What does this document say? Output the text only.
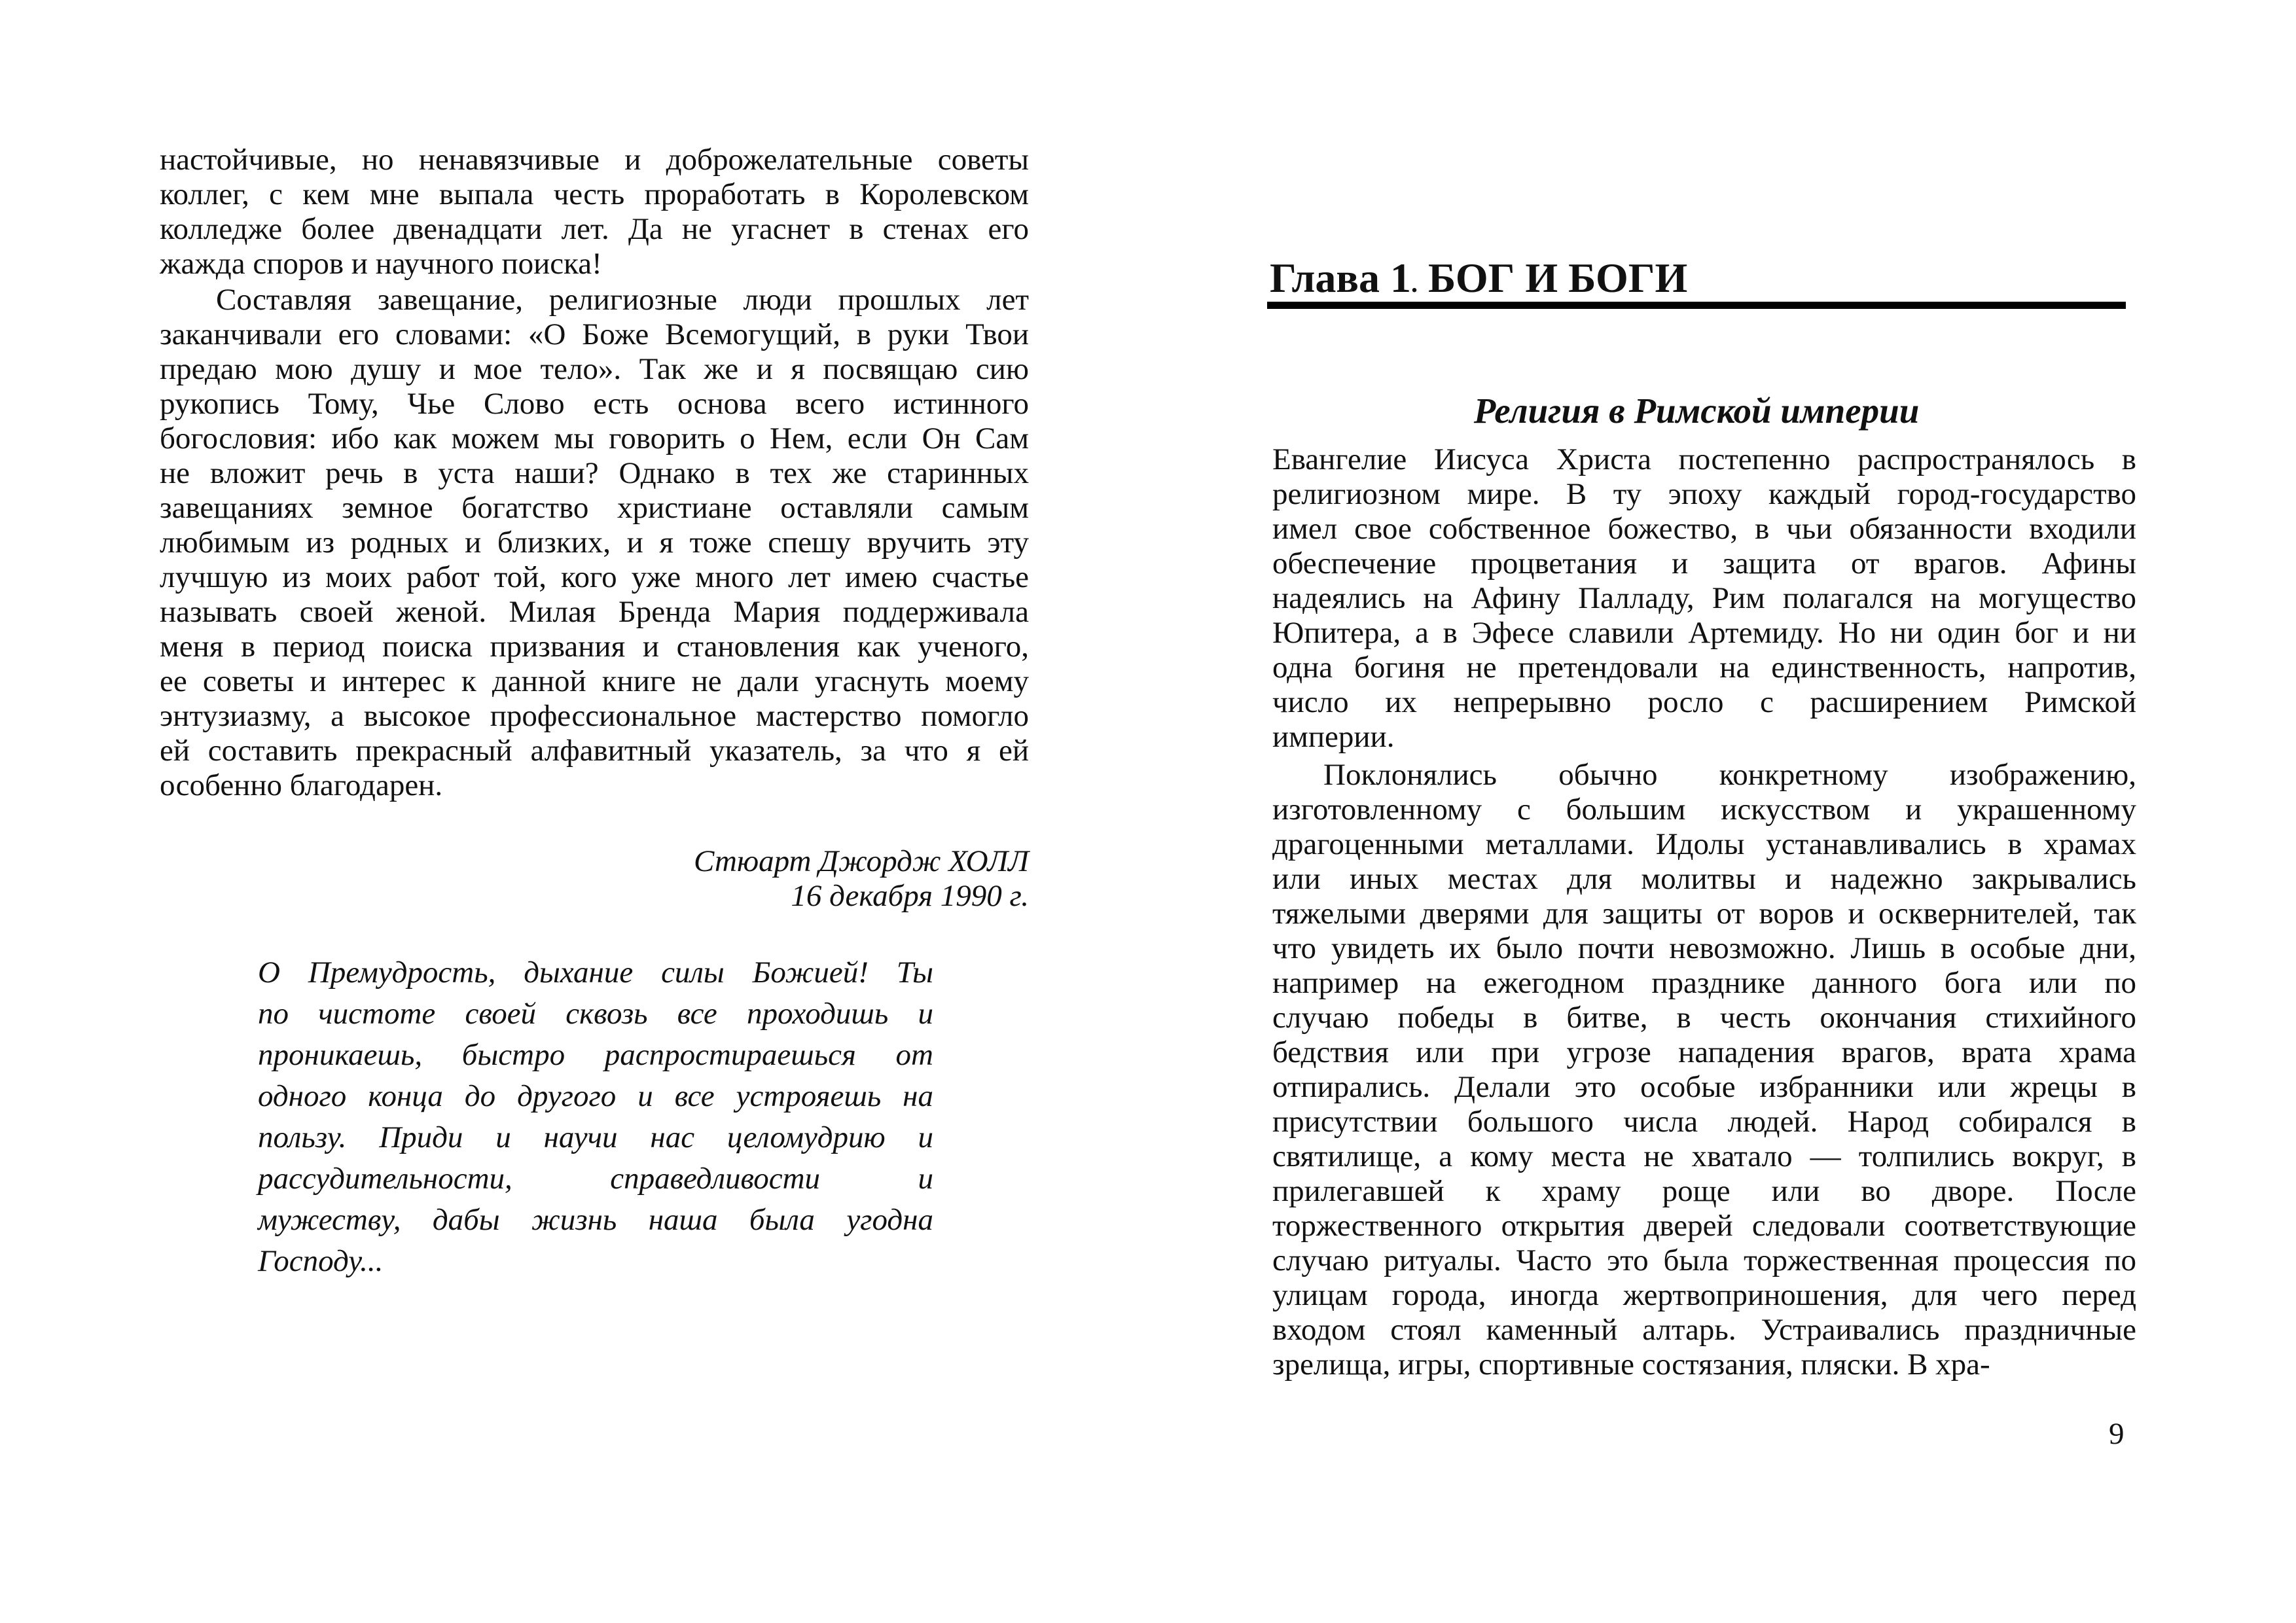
настойчивые, но ненавязчивые и доброжелательные советы
коллег, с кем мне выпала честь проработать в Королевском
колледже более двенадцати лет. Да не угаснет в стенах его
жажда споров и научного поиска!
Составляя завещание, религиозные люди прошлых лет
заканчивали его словами: «О Боже Всемогущий, в руки Твои
предаю мою душу и мое тело». Так же и я посвящаю сию
рукопись Тому, Чье Слово есть основа всего истинного
богословия: ибо как можем мы говорить о Нем, если Он Сам
не вложит речь в уста наши? Однако в тех же старинных
завещаниях земное богатство христиане оставляли самым
любимым из родных и близких, и я тоже спешу вручить эту
лучшую из моих работ той, кого уже много лет имею счастье
называть своей женой. Милая Бренда Мария поддерживала
меня в период поиска призвания и становления как ученого,
ее советы и интерес к данной книге не дали угаснуть моему
энтузиазму, а высокое профессиональное мастерство помогло
ей составить прекрасный алфавитный указатель, за что я ей
особенно благодарен.
Стюарт Джордж ХОЛЛ
16 декабря 1990 г.
О Премудрость, дыхание силы Божией! Ты
по чистоте своей сквозь все проходишь и
проникаешь, быстро распростираешься от
одного конца до другого и все устрояешь на
пользу. Приди и научи нас целомудрию и
рассудительности, справедливости и
мужеству, дабы жизнь наша была угодна
Господу...
Глава 1. БОГ И БОГИ
Религия в Римской империи
Евангелие Иисуса Христа постепенно распространялось в
религиозном мире. В ту эпоху каждый город-государство
имел свое собственное божество, в чьи обязанности входили
обеспечение процветания и защита от врагов. Афины
надеялись на Афину Палладу, Рим полагался на могущество
Юпитера, а в Эфесе славили Артемиду. Но ни один бог и ни
одна богиня не претендовали на единственность, напротив,
число их непрерывно росло с расширением Римской
империи.
Поклонялись обычно конкретному изображению,
изготовленному с большим искусством и украшенному
драгоценными металлами. Идолы устанавливались в храмах
или иных местах для молитвы и надежно закрывались
тяжелыми дверями для защиты от воров и осквернителей, так
что увидеть их было почти невозможно. Лишь в особые дни,
например на ежегодном празднике данного бога или по
случаю победы в битве, в честь окончания стихийного
бедствия или при угрозе нападения врагов, врата храма
отпирались. Делали это особые избранники или жрецы в
присутствии большого числа людей. Народ собирался в
святилище, а кому места не хватало — толпились вокруг, в
прилегавшей к храму роще или во дворе. После
торжественного открытия дверей следовали соответствующие
случаю ритуалы. Часто это была торжественная процессия по
улицам города, иногда жертвоприношения, для чего перед
входом стоял каменный алтарь. Устраивались праздничные
зрелища, игры, спортивные состязания, пляски. В хра-
9
